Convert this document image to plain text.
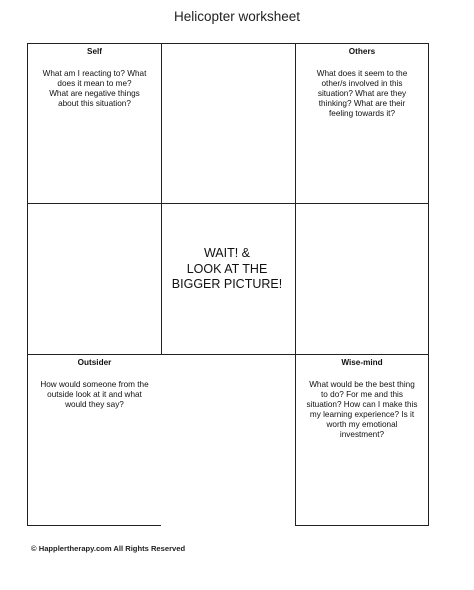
Helicopter worksheet
Self
What am I reacting to? What
does it mean to me?
What are negative things
about this situation?
Others
What does it seem to the
other/s involved in this
situation? What are they
thinking? What are their
feeling towards it?
WAIT! &
LOOK AT THE
BIGGER PICTURE!
Outsider
How would someone from the
outside look at it and what
would they say?
Wise-mind
What would be the best thing
to do? For me and this
situation? How can I make this
my learning experience? Is it
worth my emotional
investment?
© Happlertherapy.com All Rights Reserved
